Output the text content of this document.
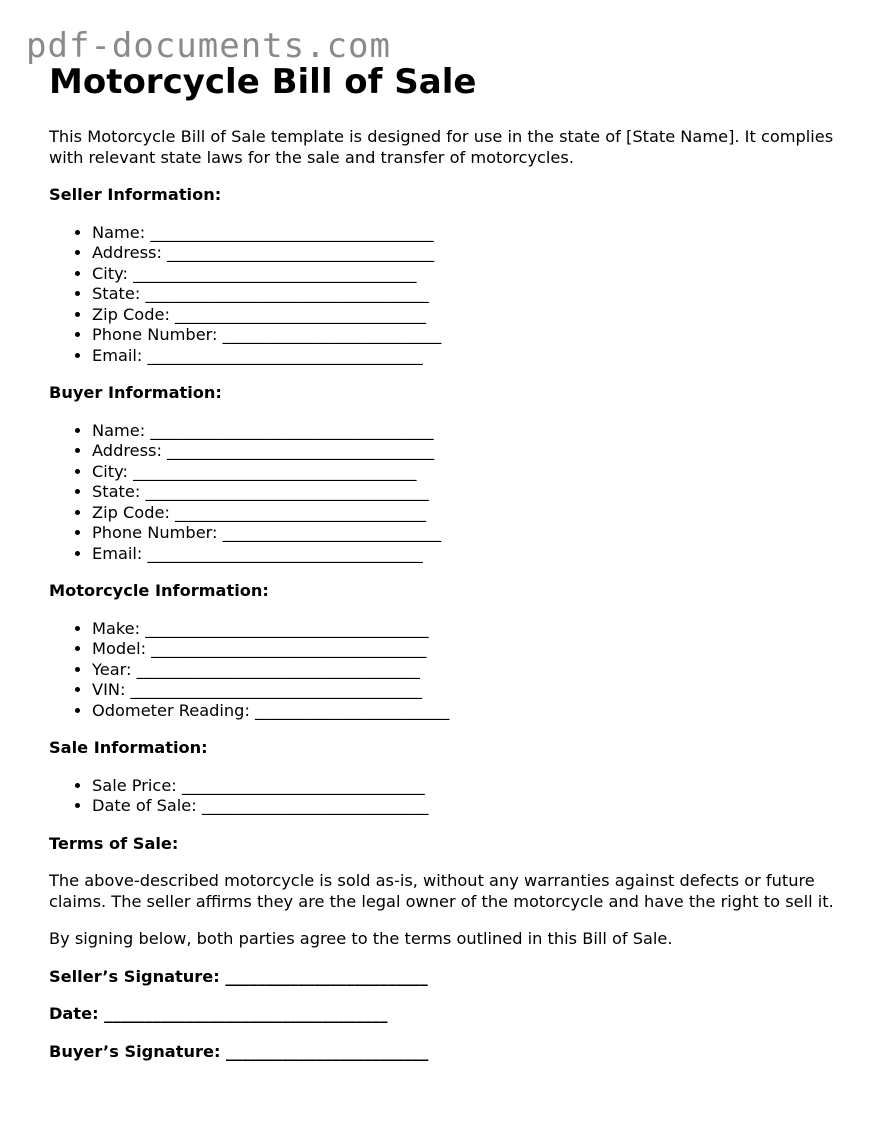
pdf-documents.com
Motorcycle Bill of Sale

This Motorcycle Bill of Sale template is designed for use in the state of [State Name]. It complies with relevant state laws for the sale and transfer of motorcycles.

Seller Information:

• Name: ___________________________________
• Address: _________________________________
• City: ___________________________________
• State: ___________________________________
• Zip Code: _______________________________
• Phone Number: ___________________________
• Email: __________________________________

Buyer Information:

• Name: ___________________________________
• Address: _________________________________
• City: ___________________________________
• State: ___________________________________
• Zip Code: _______________________________
• Phone Number: ___________________________
• Email: __________________________________

Motorcycle Information:

• Make: ___________________________________
• Model: __________________________________
• Year: ___________________________________
• VIN: ____________________________________
• Odometer Reading: ________________________

Sale Information:

• Sale Price: ______________________________
• Date of Sale: ____________________________

Terms of Sale:

The above-described motorcycle is sold as-is, without any warranties against defects or future claims. The seller affirms they are the legal owner of the motorcycle and have the right to sell it.

By signing below, both parties agree to the terms outlined in this Bill of Sale.

Seller’s Signature: _________________________

Date: ___________________________________

Buyer’s Signature: _________________________
